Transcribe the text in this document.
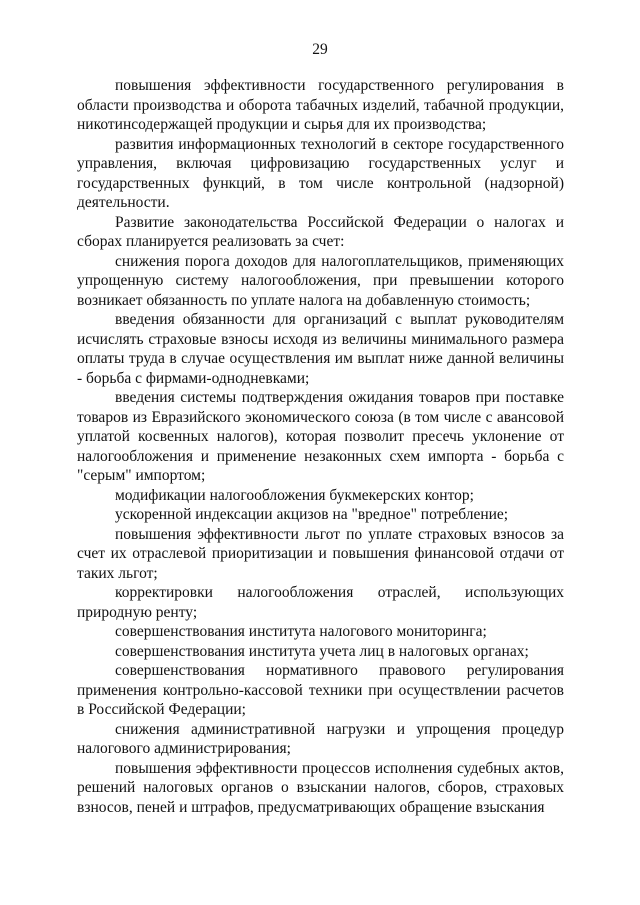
29

повышения эффективности государственного регулирования в области производства и оборота табачных изделий, табачной продукции, никотинсодержащей продукции и сырья для их производства;

развития информационных технологий в секторе государственного управления, включая цифровизацию государственных услуг и государственных функций, в том числе контрольной (надзорной) деятельности.

Развитие законодательства Российской Федерации о налогах и сборах планируется реализовать за счет:

снижения порога доходов для налогоплательщиков, применяющих упрощенную систему налогообложения, при превышении которого возникает обязанность по уплате налога на добавленную стоимость;

введения обязанности для организаций с выплат руководителям исчислять страховые взносы исходя из величины минимального размера оплаты труда в случае осуществления им выплат ниже данной величины - борьба с фирмами-однодневками;

введения системы подтверждения ожидания товаров при поставке товаров из Евразийского экономического союза (в том числе с авансовой уплатой косвенных налогов), которая позволит пресечь уклонение от налогообложения и применение незаконных схем импорта - борьба с "серым" импортом;

модификации налогообложения букмекерских контор;

ускоренной индексации акцизов на "вредное" потребление;

повышения эффективности льгот по уплате страховых взносов за счет их отраслевой приоритизации и повышения финансовой отдачи от таких льгот;

корректировки налогообложения отраслей, использующих природную ренту;

совершенствования института налогового мониторинга;

совершенствования института учета лиц в налоговых органах;

совершенствования нормативного правового регулирования применения контрольно-кассовой техники при осуществлении расчетов в Российской Федерации;

снижения административной нагрузки и упрощения процедур налогового администрирования;

повышения эффективности процессов исполнения судебных актов, решений налоговых органов о взыскании налогов, сборов, страховых взносов, пеней и штрафов, предусматривающих обращение взыскания
